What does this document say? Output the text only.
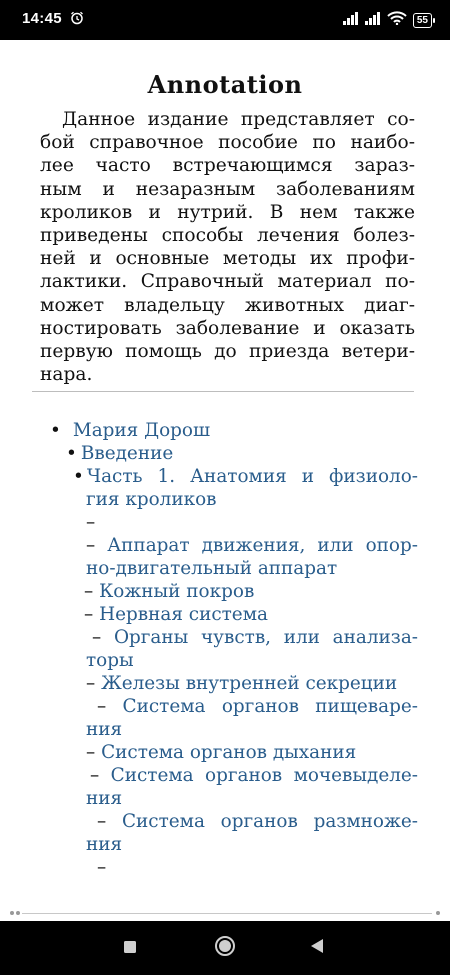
14:45	55
Annotation
Данное издание представляет со-
бой справочное пособие по наибо-
лее часто встречающимся зараз-
ным и незаразным заболеваниям
кроликов и нутрий. В нем также
приведены способы лечения болез-
ней и основные методы их профи-
лактики. Справочный материал по-
может владельцу животных диаг-
ностировать заболевание и оказать
первую помощь до приезда ветери-
нара.
• Мария Дорош
• Введение
• Часть 1. Анатомия и физиоло-
гия кроликов
–
– Аппарат движения, или опор-
но-двигательный аппарат
– Кожный покров
– Нервная система
– Органы чувств, или анализа-
торы
– Железы внутренней секреции
– Система органов пищеваре-
ния
– Система органов дыхания
– Система органов мочевыделе-
ния
– Система органов размноже-
ния
–
